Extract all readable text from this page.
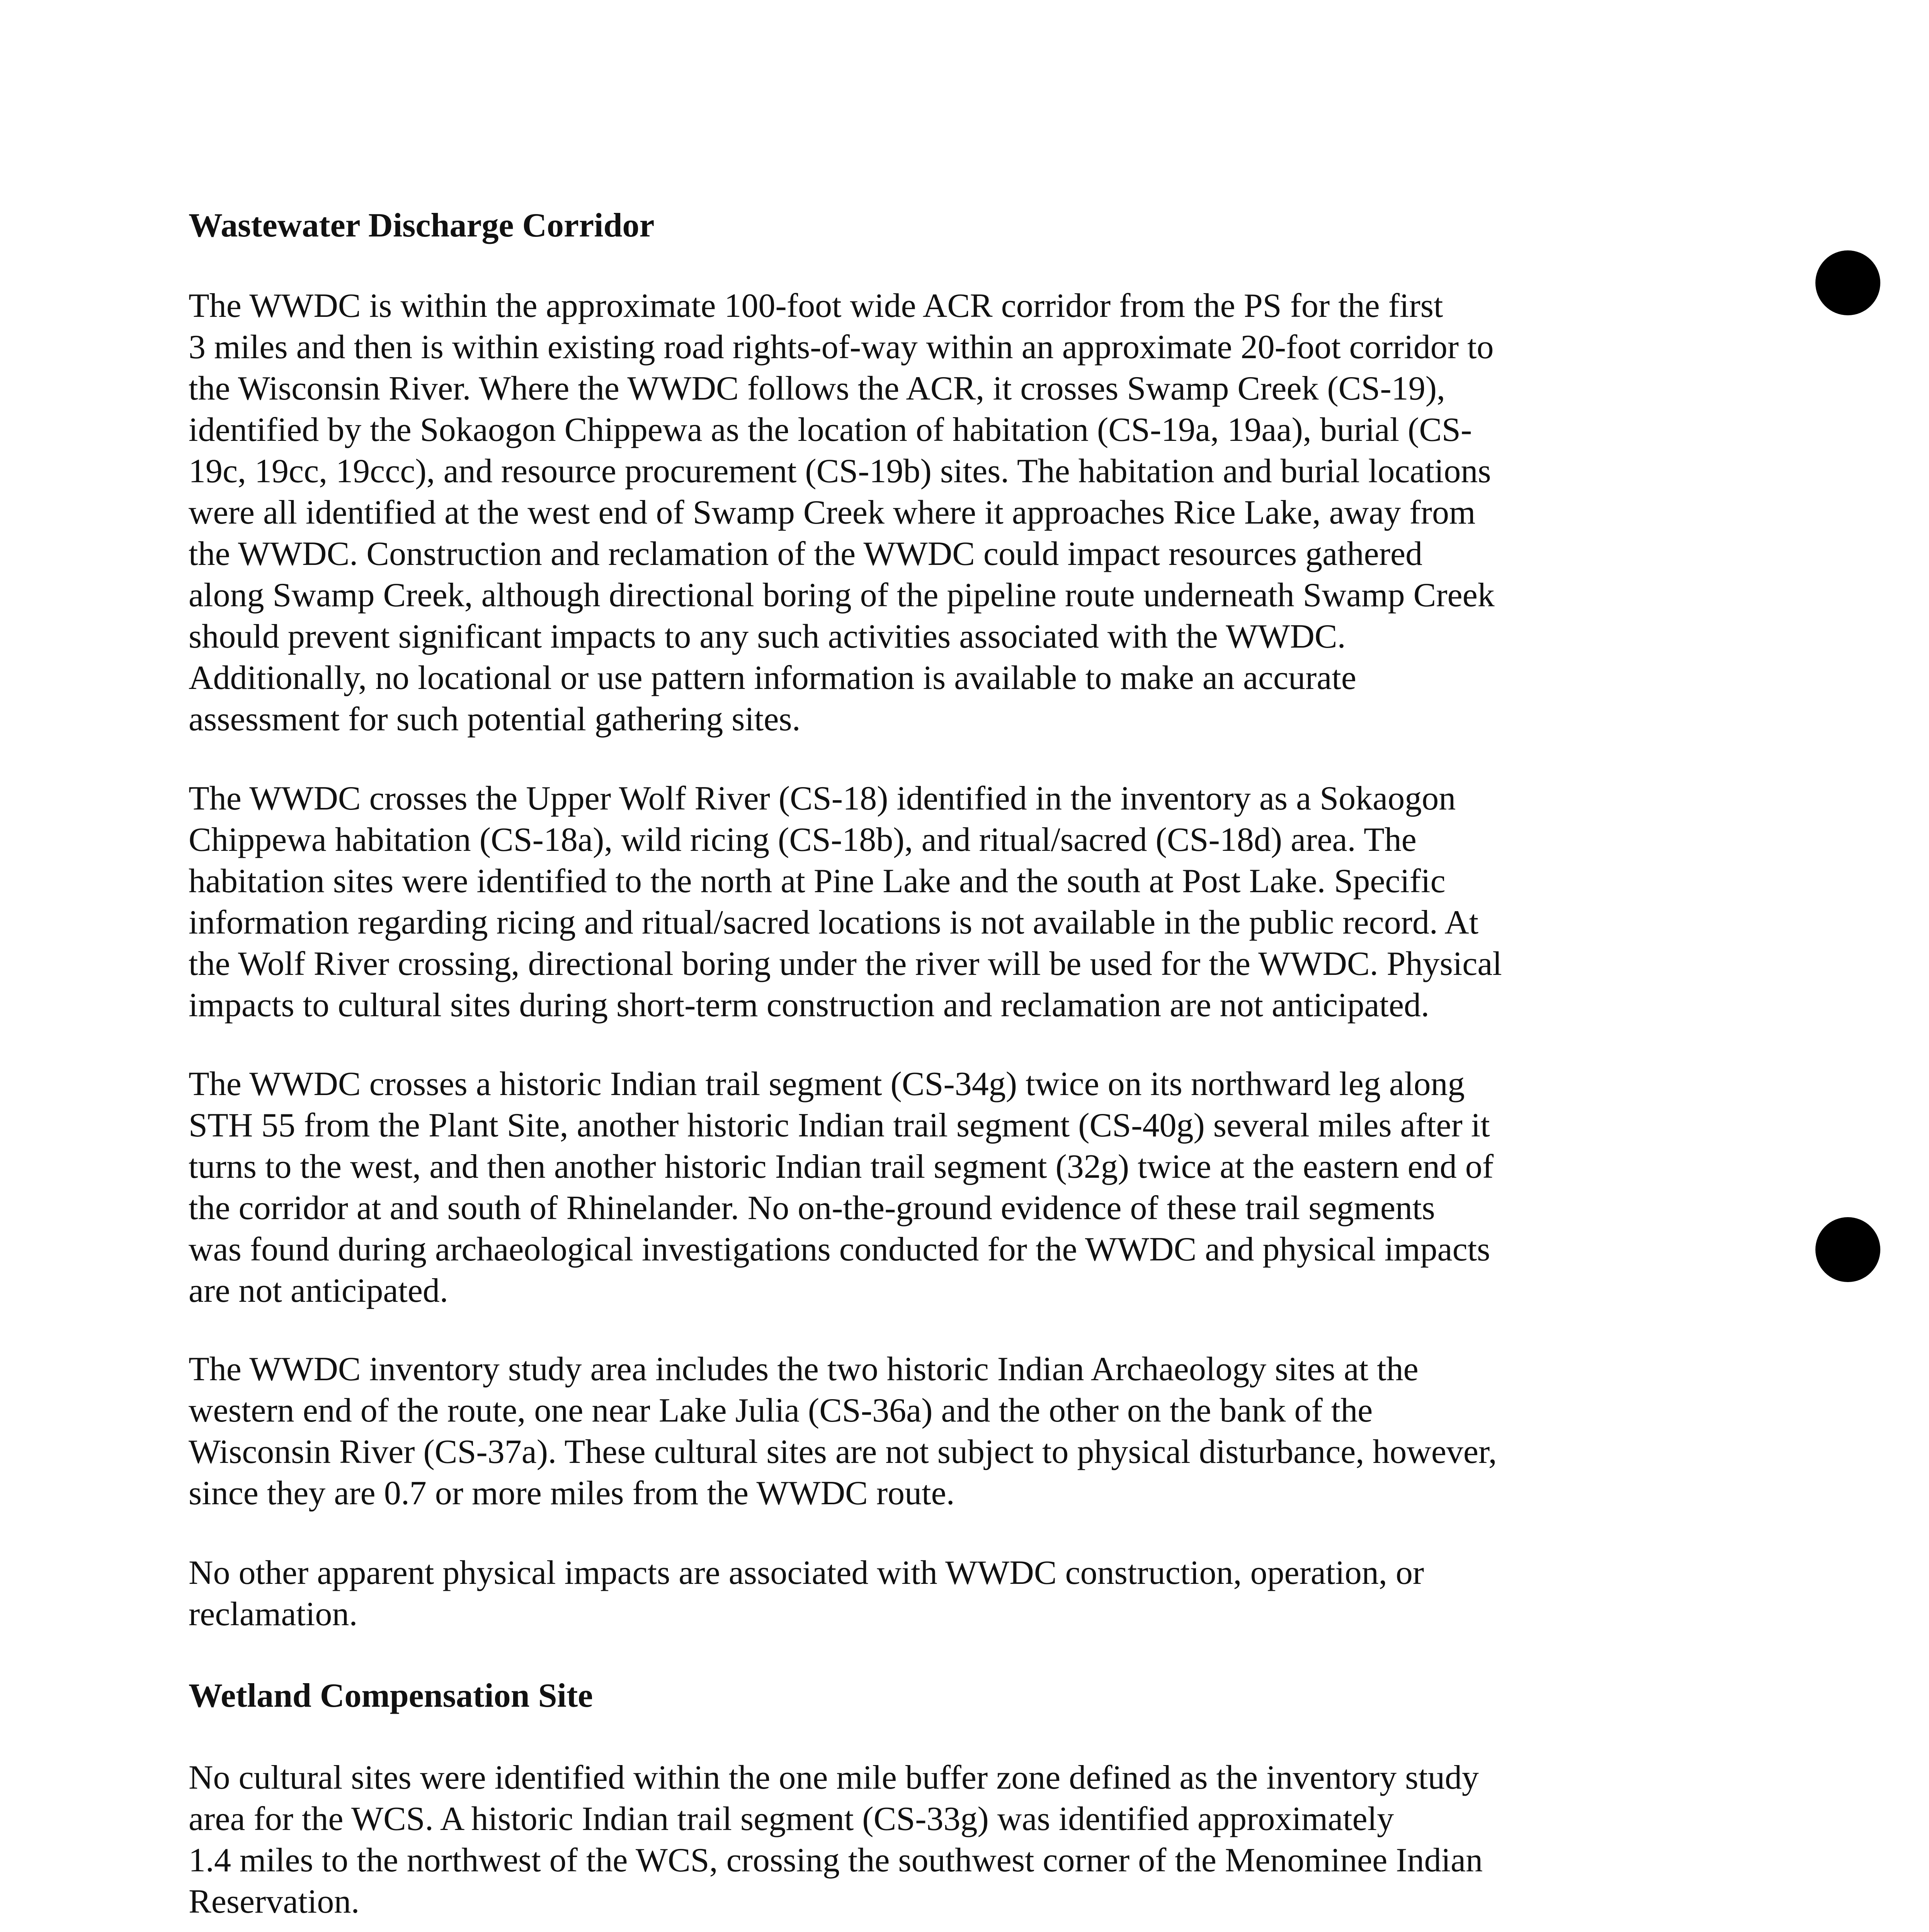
Wastewater Discharge Corridor

The WWDC is within the approximate 100-foot wide ACR corridor from the PS for the first
3 miles and then is within existing road rights-of-way within an approximate 20-foot corridor to
the Wisconsin River. Where the WWDC follows the ACR, it crosses Swamp Creek (CS-19),
identified by the Sokaogon Chippewa as the location of habitation (CS-19a, 19aa), burial (CS-
19c, 19cc, 19ccc), and resource procurement (CS-19b) sites. The habitation and burial locations
were all identified at the west end of Swamp Creek where it approaches Rice Lake, away from
the WWDC. Construction and reclamation of the WWDC could impact resources gathered
along Swamp Creek, although directional boring of the pipeline route underneath Swamp Creek
should prevent significant impacts to any such activities associated with the WWDC.
Additionally, no locational or use pattern information is available to make an accurate
assessment for such potential gathering sites.

The WWDC crosses the Upper Wolf River (CS-18) identified in the inventory as a Sokaogon
Chippewa habitation (CS-18a), wild ricing (CS-18b), and ritual/sacred (CS-18d) area. The
habitation sites were identified to the north at Pine Lake and the south at Post Lake. Specific
information regarding ricing and ritual/sacred locations is not available in the public record. At
the Wolf River crossing, directional boring under the river will be used for the WWDC. Physical
impacts to cultural sites during short-term construction and reclamation are not anticipated.

The WWDC crosses a historic Indian trail segment (CS-34g) twice on its northward leg along
STH 55 from the Plant Site, another historic Indian trail segment (CS-40g) several miles after it
turns to the west, and then another historic Indian trail segment (32g) twice at the eastern end of
the corridor at and south of Rhinelander. No on-the-ground evidence of these trail segments
was found during archaeological investigations conducted for the WWDC and physical impacts
are not anticipated.

The WWDC inventory study area includes the two historic Indian Archaeology sites at the
western end of the route, one near Lake Julia (CS-36a) and the other on the bank of the
Wisconsin River (CS-37a). These cultural sites are not subject to physical disturbance, however,
since they are 0.7 or more miles from the WWDC route.

No other apparent physical impacts are associated with WWDC construction, operation, or
reclamation.

Wetland Compensation Site

No cultural sites were identified within the one mile buffer zone defined as the inventory study
area for the WCS. A historic Indian trail segment (CS-33g) was identified approximately
1.4 miles to the northwest of the WCS, crossing the southwest corner of the Menominee Indian
Reservation.
